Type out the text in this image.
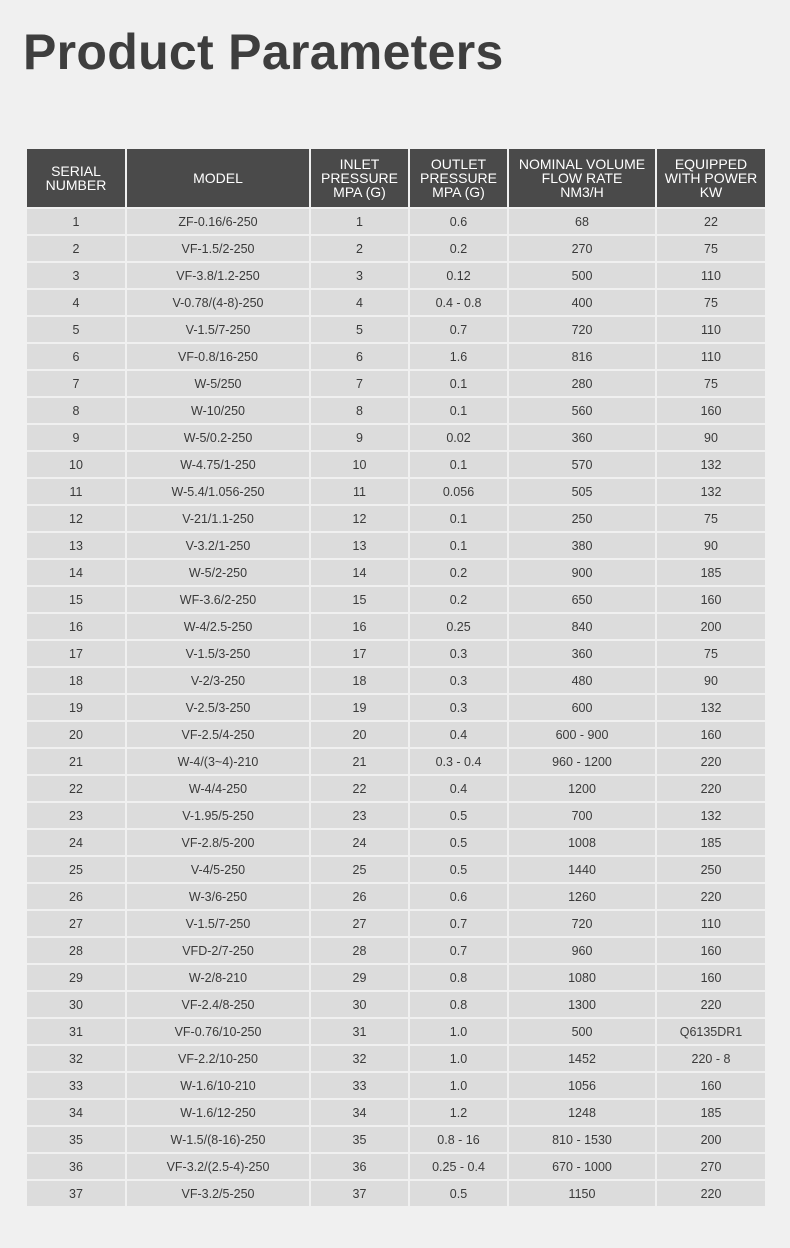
Product Parameters
SERIAL
NUMBER	MODEL	INLET
PRESSURE
MPA (G)	OUTLET
PRESSURE
MPA (G)	NOMINAL VOLUME
FLOW RATE
NM3/H	EQUIPPED
WITH POWER
KW

1	ZF-0.16/6-250	1	0.6	68	22
2	VF-1.5/2-250	2	0.2	270	75
3	VF-3.8/1.2-250	3	0.12	500	110
4	V-0.78/(4-8)-250	4	0.4 - 0.8	400	75
5	V-1.5/7-250	5	0.7	720	110
6	VF-0.8/16-250	6	1.6	816	110
7	W-5/250	7	0.1	280	75
8	W-10/250	8	0.1	560	160
9	W-5/0.2-250	9	0.02	360	90
10	W-4.75/1-250	10	0.1	570	132
11	W-5.4/1.056-250	11	0.056	505	132
12	V-21/1.1-250	12	0.1	250	75
13	V-3.2/1-250	13	0.1	380	90
14	W-5/2-250	14	0.2	900	185
15	WF-3.6/2-250	15	0.2	650	160
16	W-4/2.5-250	16	0.25	840	200
17	V-1.5/3-250	17	0.3	360	75
18	V-2/3-250	18	0.3	480	90
19	V-2.5/3-250	19	0.3	600	132
20	VF-2.5/4-250	20	0.4	600 - 900	160
21	W-4/(3~4)-210	21	0.3 - 0.4	960 - 1200	220
22	W-4/4-250	22	0.4	1200	220
23	V-1.95/5-250	23	0.5	700	132
24	VF-2.8/5-200	24	0.5	1008	185
25	V-4/5-250	25	0.5	1440	250
26	W-3/6-250	26	0.6	1260	220
27	V-1.5/7-250	27	0.7	720	110
28	VFD-2/7-250	28	0.7	960	160
29	W-2/8-210	29	0.8	1080	160
30	VF-2.4/8-250	30	0.8	1300	220
31	VF-0.76/10-250	31	1.0	500	Q6135DR1
32	VF-2.2/10-250	32	1.0	1452	220 - 8
33	W-1.6/10-210	33	1.0	1056	160
34	W-1.6/12-250	34	1.2	1248	185
35	W-1.5/(8-16)-250	35	0.8 - 16	810 - 1530	200
36	VF-3.2/(2.5-4)-250	36	0.25 - 0.4	670 - 1000	270
37	VF-3.2/5-250	37	0.5	1150	220
